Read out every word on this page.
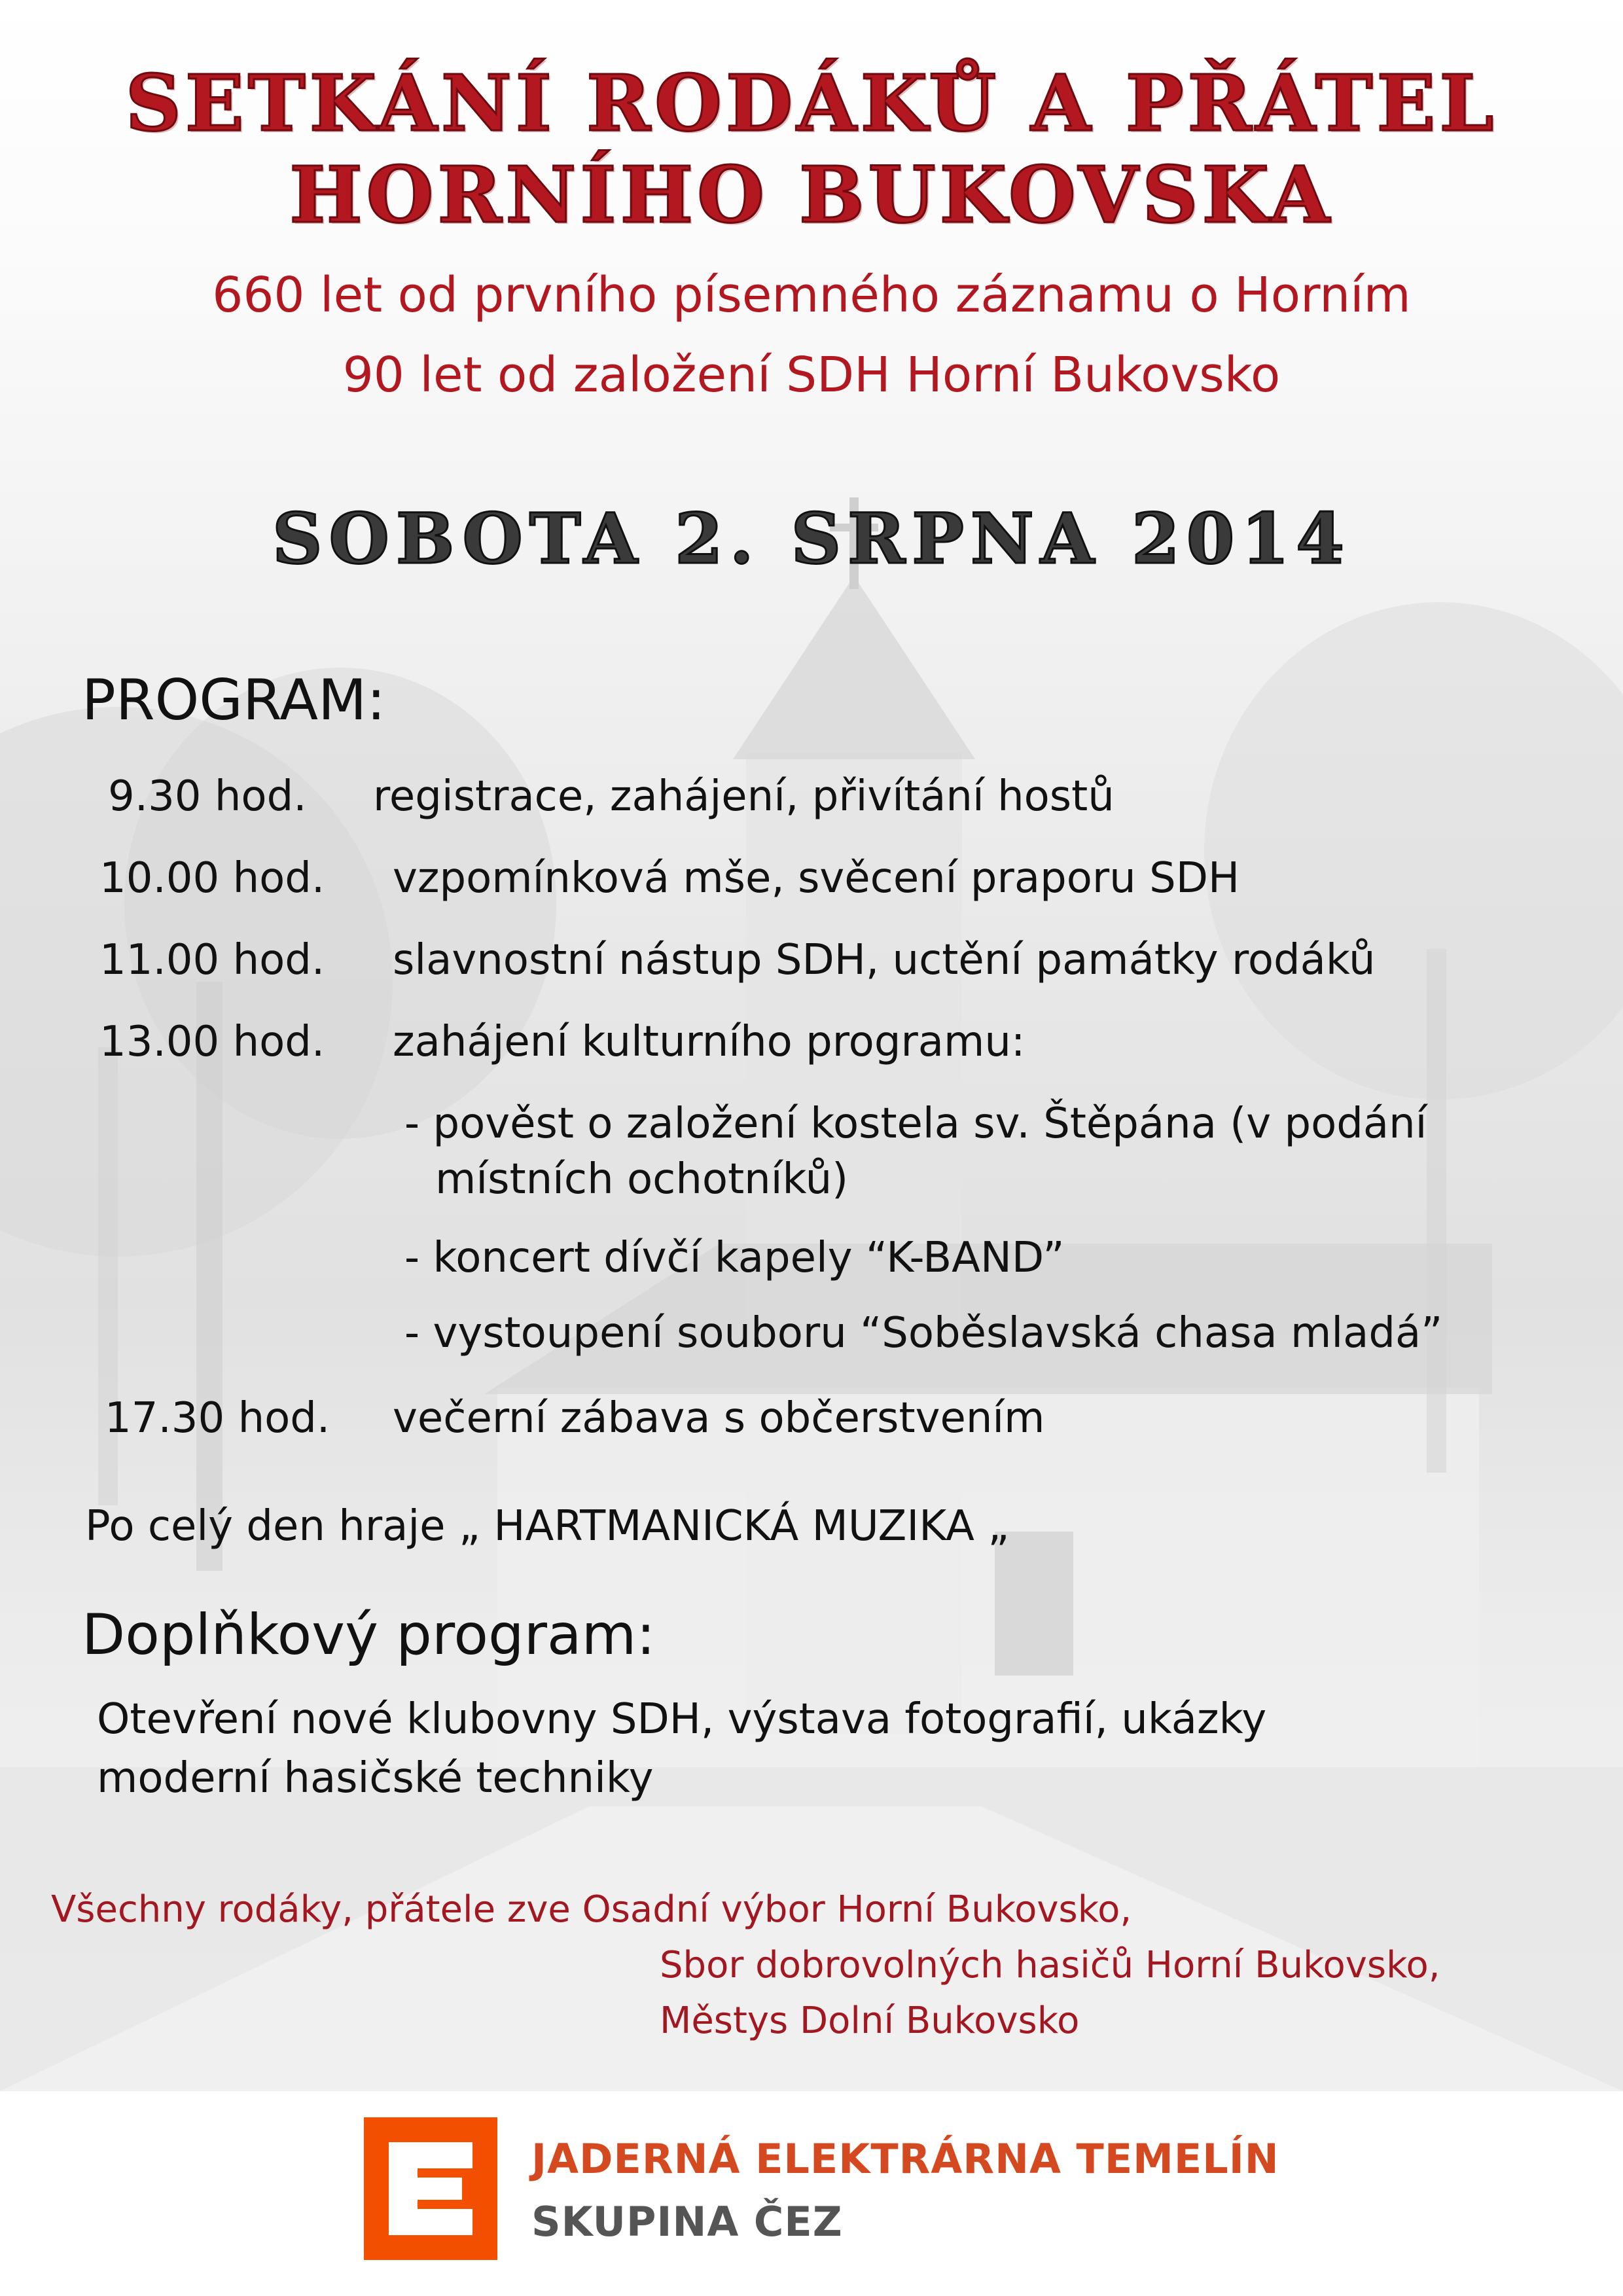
SETKÁNÍ RODÁKŮ A PŘÁTEL
HORNÍHO BUKOVSKA
660 let od prvního písemného záznamu o Horním
90 let od založení SDH Horní Bukovsko
SOBOTA 2. SRPNA 2014
PROGRAM:
9.30 hod. registrace, zahájení, přivítání hostů
10.00 hod. vzpomínková mše, svěcení praporu SDH
11.00 hod. slavnostní nástup SDH, uctění památky rodáků
13.00 hod. zahájení kulturního programu:
- pověst o založení kostela sv. Štěpána (v podání
místních ochotníků)
- koncert dívčí kapely “K-BAND”
- vystoupení souboru “Soběslavská chasa mladá”
17.30 hod. večerní zábava s občerstvením
Po celý den hraje „ HARTMANICKÁ MUZIKA „
Doplňkový program:
Otevření nové klubovny SDH, výstava fotografií, ukázky
moderní hasičské techniky
Všechny rodáky, přátele zve Osadní výbor Horní Bukovsko,
Sbor dobrovolných hasičů Horní Bukovsko,
Městys Dolní Bukovsko
JADERNÁ ELEKTRÁRNA TEMELÍN
SKUPINA ČEZ
